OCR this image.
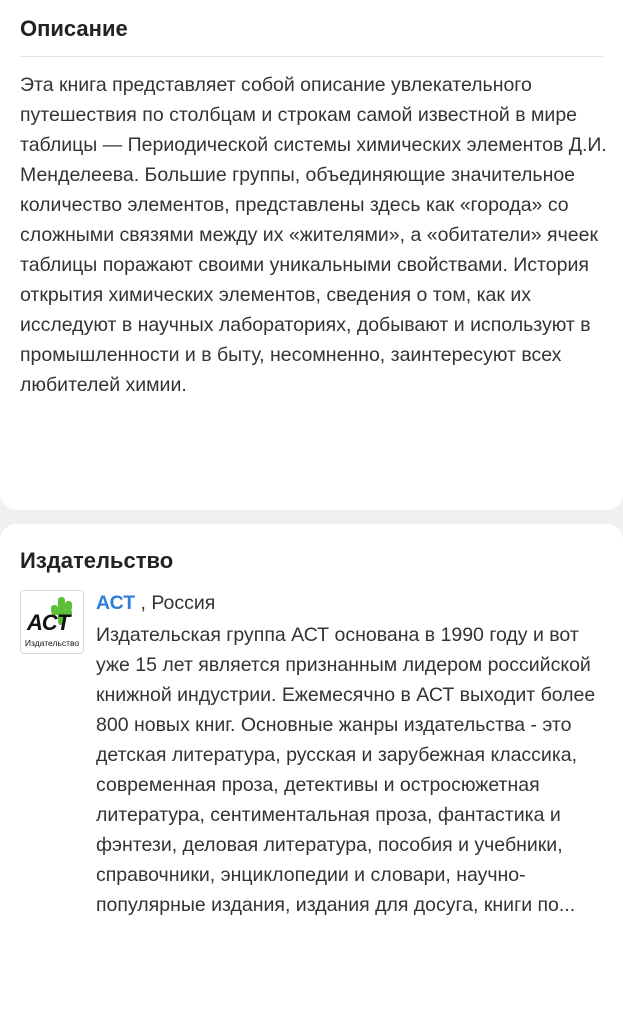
Описание
Эта книга представляет собой описание увлекательного путешествия по столбцам и строкам самой известной в мире таблицы — Периодической системы химических элементов Д.И. Менделеева. Большие группы, объединяющие значительное количество элементов, представлены здесь как «города» со сложными связями между их «жителями», а «обитатели» ячеек таблицы поражают своими уникальными свойствами. История открытия химических элементов, сведения о том, как их исследуют в научных лабораториях, добывают и используют в промышленности и в быту, несомненно, заинтересуют всех любителей химии.
Издательство
АСТ
Издательство
АСТ , Россия
Издательская группа АСТ основана в 1990 году и вот уже 15 лет является признанным лидером российской книжной индустрии. Ежемесячно в АСТ выходит более 800 новых книг. Основные жанры издательства - это детская литература, русская и зарубежная классика, современная проза, детективы и остросюжетная литература, сентиментальная проза, фантастика и фэнтези, деловая литература, пособия и учебники, справочники, энциклопедии и словари, научно-популярные издания, издания для досуга, книги по...
